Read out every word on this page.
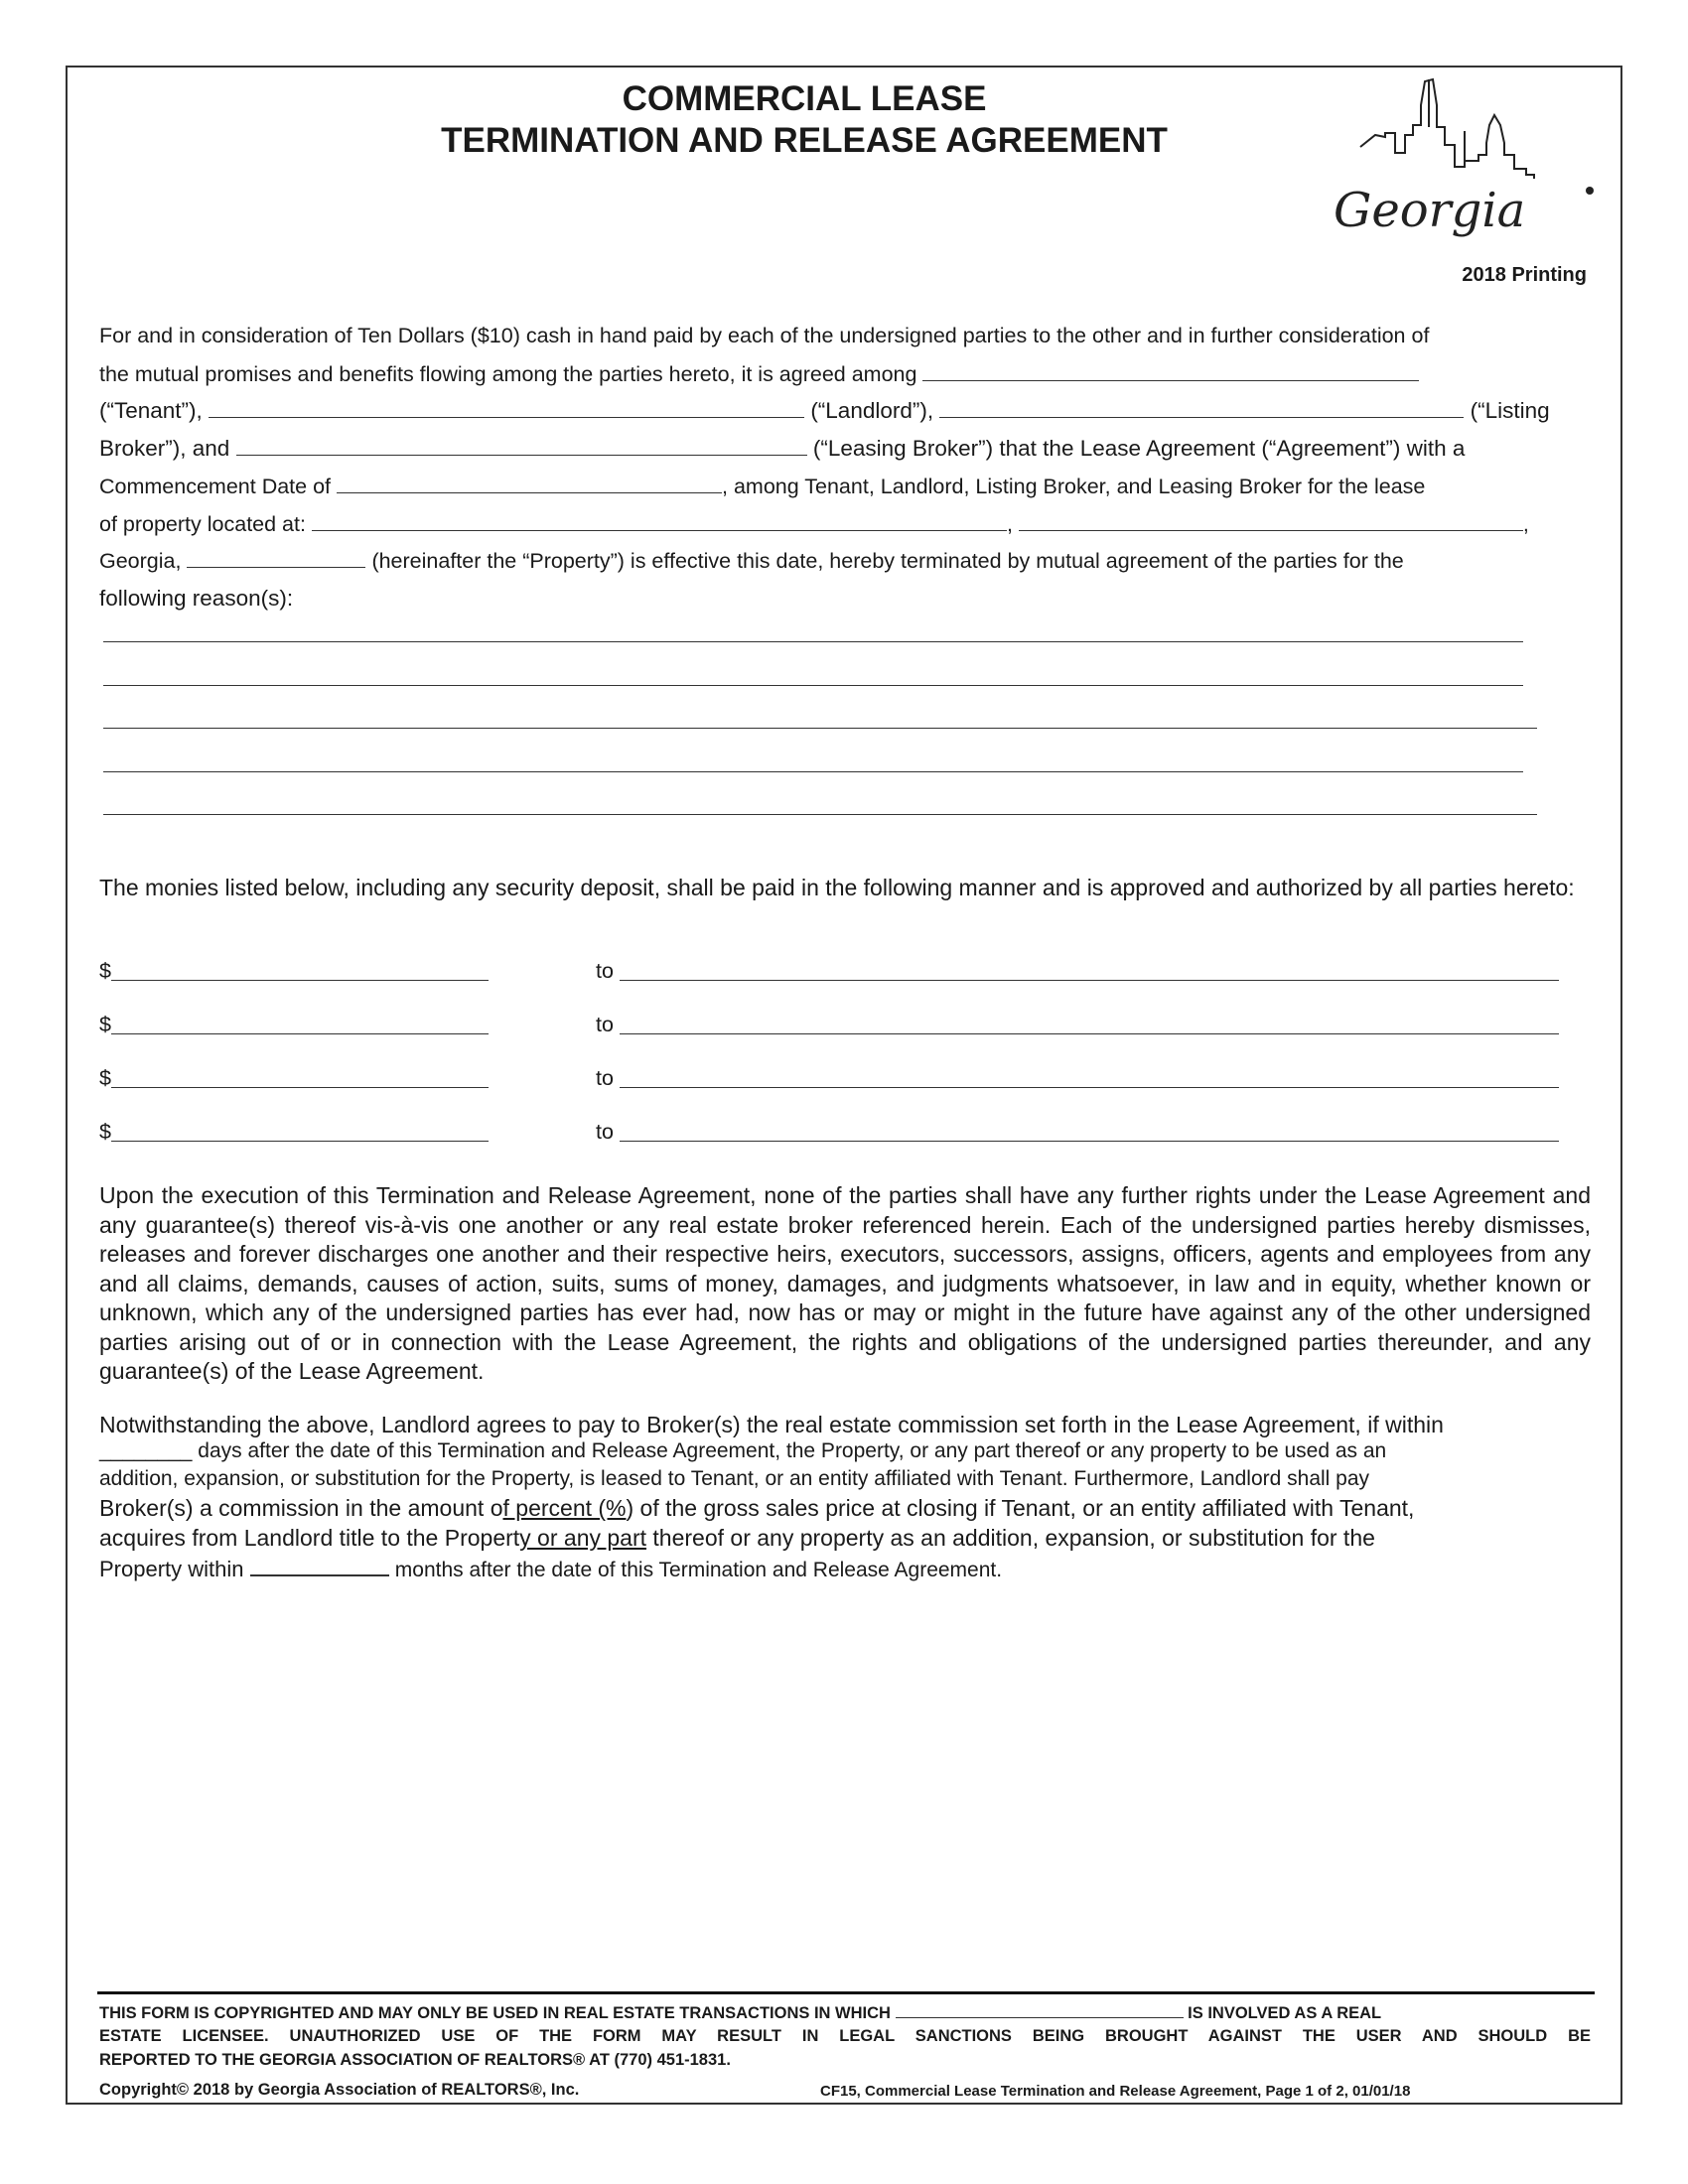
COMMERCIAL LEASE
TERMINATION AND RELEASE AGREEMENT
Georgia
2018 Printing
For and in consideration of Ten Dollars ($10) cash in hand paid by each of the undersigned parties to the other and in further consideration of
the mutual promises and benefits flowing among the parties hereto, it is agreed among
(“Tenant”),	(“Landlord”),	(“Listing
Broker”), and	(“Leasing Broker”) that the Lease Agreement (“Agreement”) with a
Commencement Date of	, among Tenant, Landlord, Listing Broker, and Leasing Broker for the lease
of property located at:	,	,
Georgia,	(hereinafter the “Property”) is effective this date, hereby terminated by mutual agreement of the parties for the
following reason(s):
The monies listed below, including any security deposit, shall be paid in the following manner and is approved and authorized by all parties hereto:
$	to
$	to
$	to
$	to
Upon the execution of this Termination and Release Agreement, none of the parties shall have any further rights under the Lease Agreement and any guarantee(s) thereof vis-à-vis one another or any real estate broker referenced herein. Each of the undersigned parties hereby dismisses, releases and forever discharges one another and their respective heirs, executors, successors, assigns, officers, agents and employees from any and all claims, demands, causes of action, suits, sums of money, damages, and judgments whatsoever, in law and in equity, whether known or unknown, which any of the undersigned parties has ever had, now has or may or might in the future have against any of the other undersigned parties arising out of or in connection with the Lease Agreement, the rights and obligations of the undersigned parties thereunder, and any guarantee(s) of the Lease Agreement.
Notwithstanding the above, Landlord agrees to pay to Broker(s) the real estate commission set forth in the Lease Agreement, if within
________ days after the date of this Termination and Release Agreement, the Property, or any part thereof or any property to be used as an
addition, expansion, or substitution for the Property, is leased to Tenant, or an entity affiliated with Tenant. Furthermore, Landlord shall pay
Broker(s) a commission in the amount of percent (%) of the gross sales price at closing if Tenant, or an entity affiliated with Tenant,
acquires from Landlord title to the Property or any part thereof or any property as an addition, expansion, or substitution for the
Property within	months after the date of this Termination and Release Agreement.
THIS FORM IS COPYRIGHTED AND MAY ONLY BE USED IN REAL ESTATE TRANSACTIONS IN WHICH	IS INVOLVED AS A REAL
ESTATE LICENSEE. UNAUTHORIZED USE OF THE FORM MAY RESULT IN LEGAL SANCTIONS BEING BROUGHT AGAINST THE USER AND SHOULD BE
REPORTED TO THE GEORGIA ASSOCIATION OF REALTORS® AT (770) 451-1831.
Copyright© 2018 by Georgia Association of REALTORS®, Inc.	CF15, Commercial Lease Termination and Release Agreement, Page 1 of 2, 01/01/18
